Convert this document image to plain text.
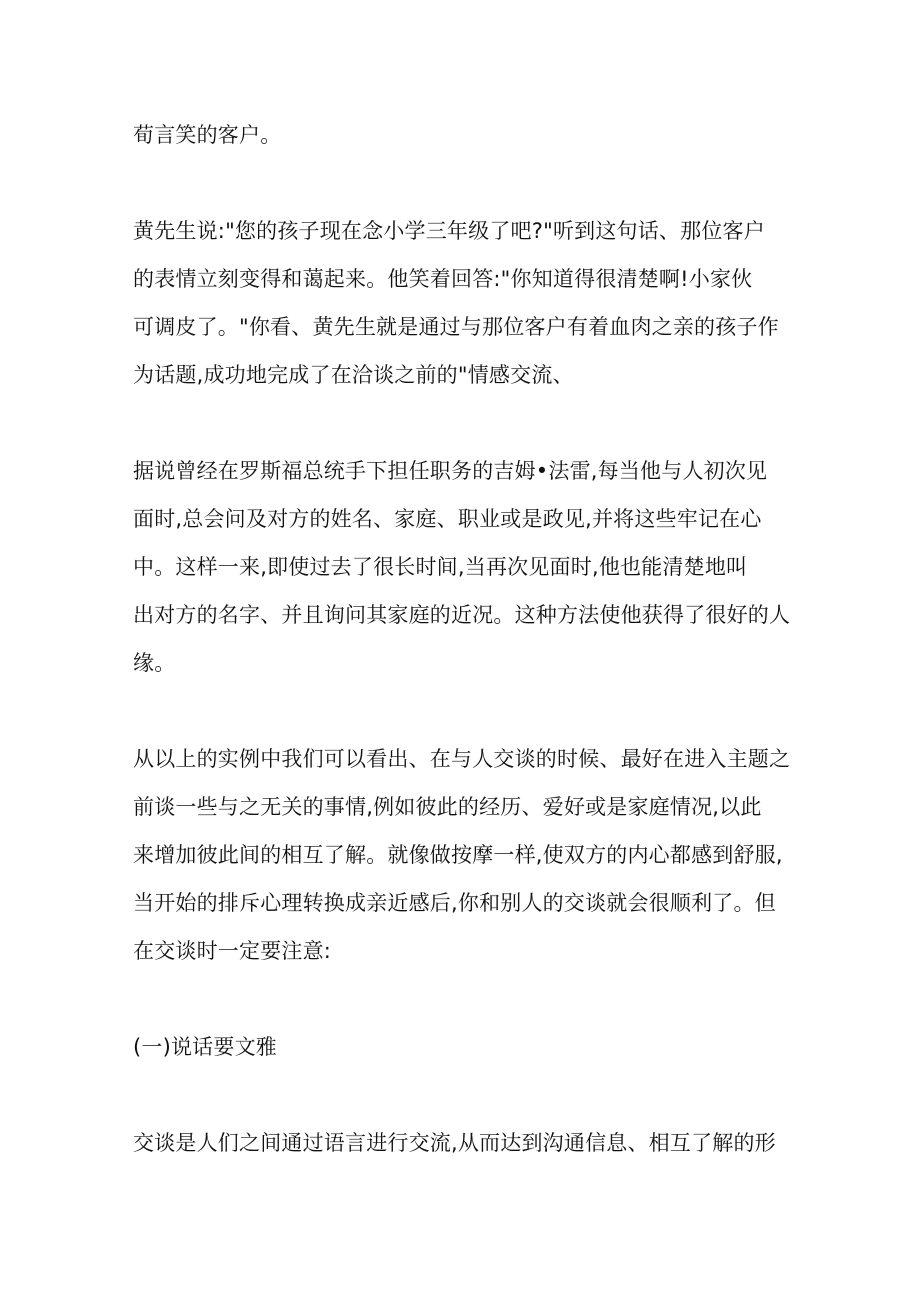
荀言笑的客户。

黄先生说:"您的孩子现在念小学三年级了吧?"听到这句话、那位客户

的表情立刻变得和蔼起来。他笑着回答:"你知道得很清楚啊!小家伙

可调皮了。"你看、黄先生就是通过与那位客户有着血肉之亲的孩子作

为话题,成功地完成了在洽谈之前的"情感交流、

据说曾经在罗斯福总统手下担任职务的吉姆•法雷,每当他与人初次见

面时,总会问及对方的姓名、家庭、职业或是政见,并将这些牢记在心

中。这样一来,即使过去了很长时间,当再次见面时,他也能清楚地叫

出对方的名字、并且询问其家庭的近况。这种方法使他获得了很好的人

缘。

从以上的实例中我们可以看出、在与人交谈的时候、最好在进入主题之

前谈一些与之无关的事情,例如彼此的经历、爱好或是家庭情况,以此

来增加彼此间的相互了解。就像做按摩一样,使双方的内心都感到舒服,

当开始的排斥心理转换成亲近感后,你和别人的交谈就会很顺利了。但

在交谈时一定要注意:

(一)说话要文雅

交谈是人们之间通过语言进行交流,从而达到沟通信息、相互了解的形
